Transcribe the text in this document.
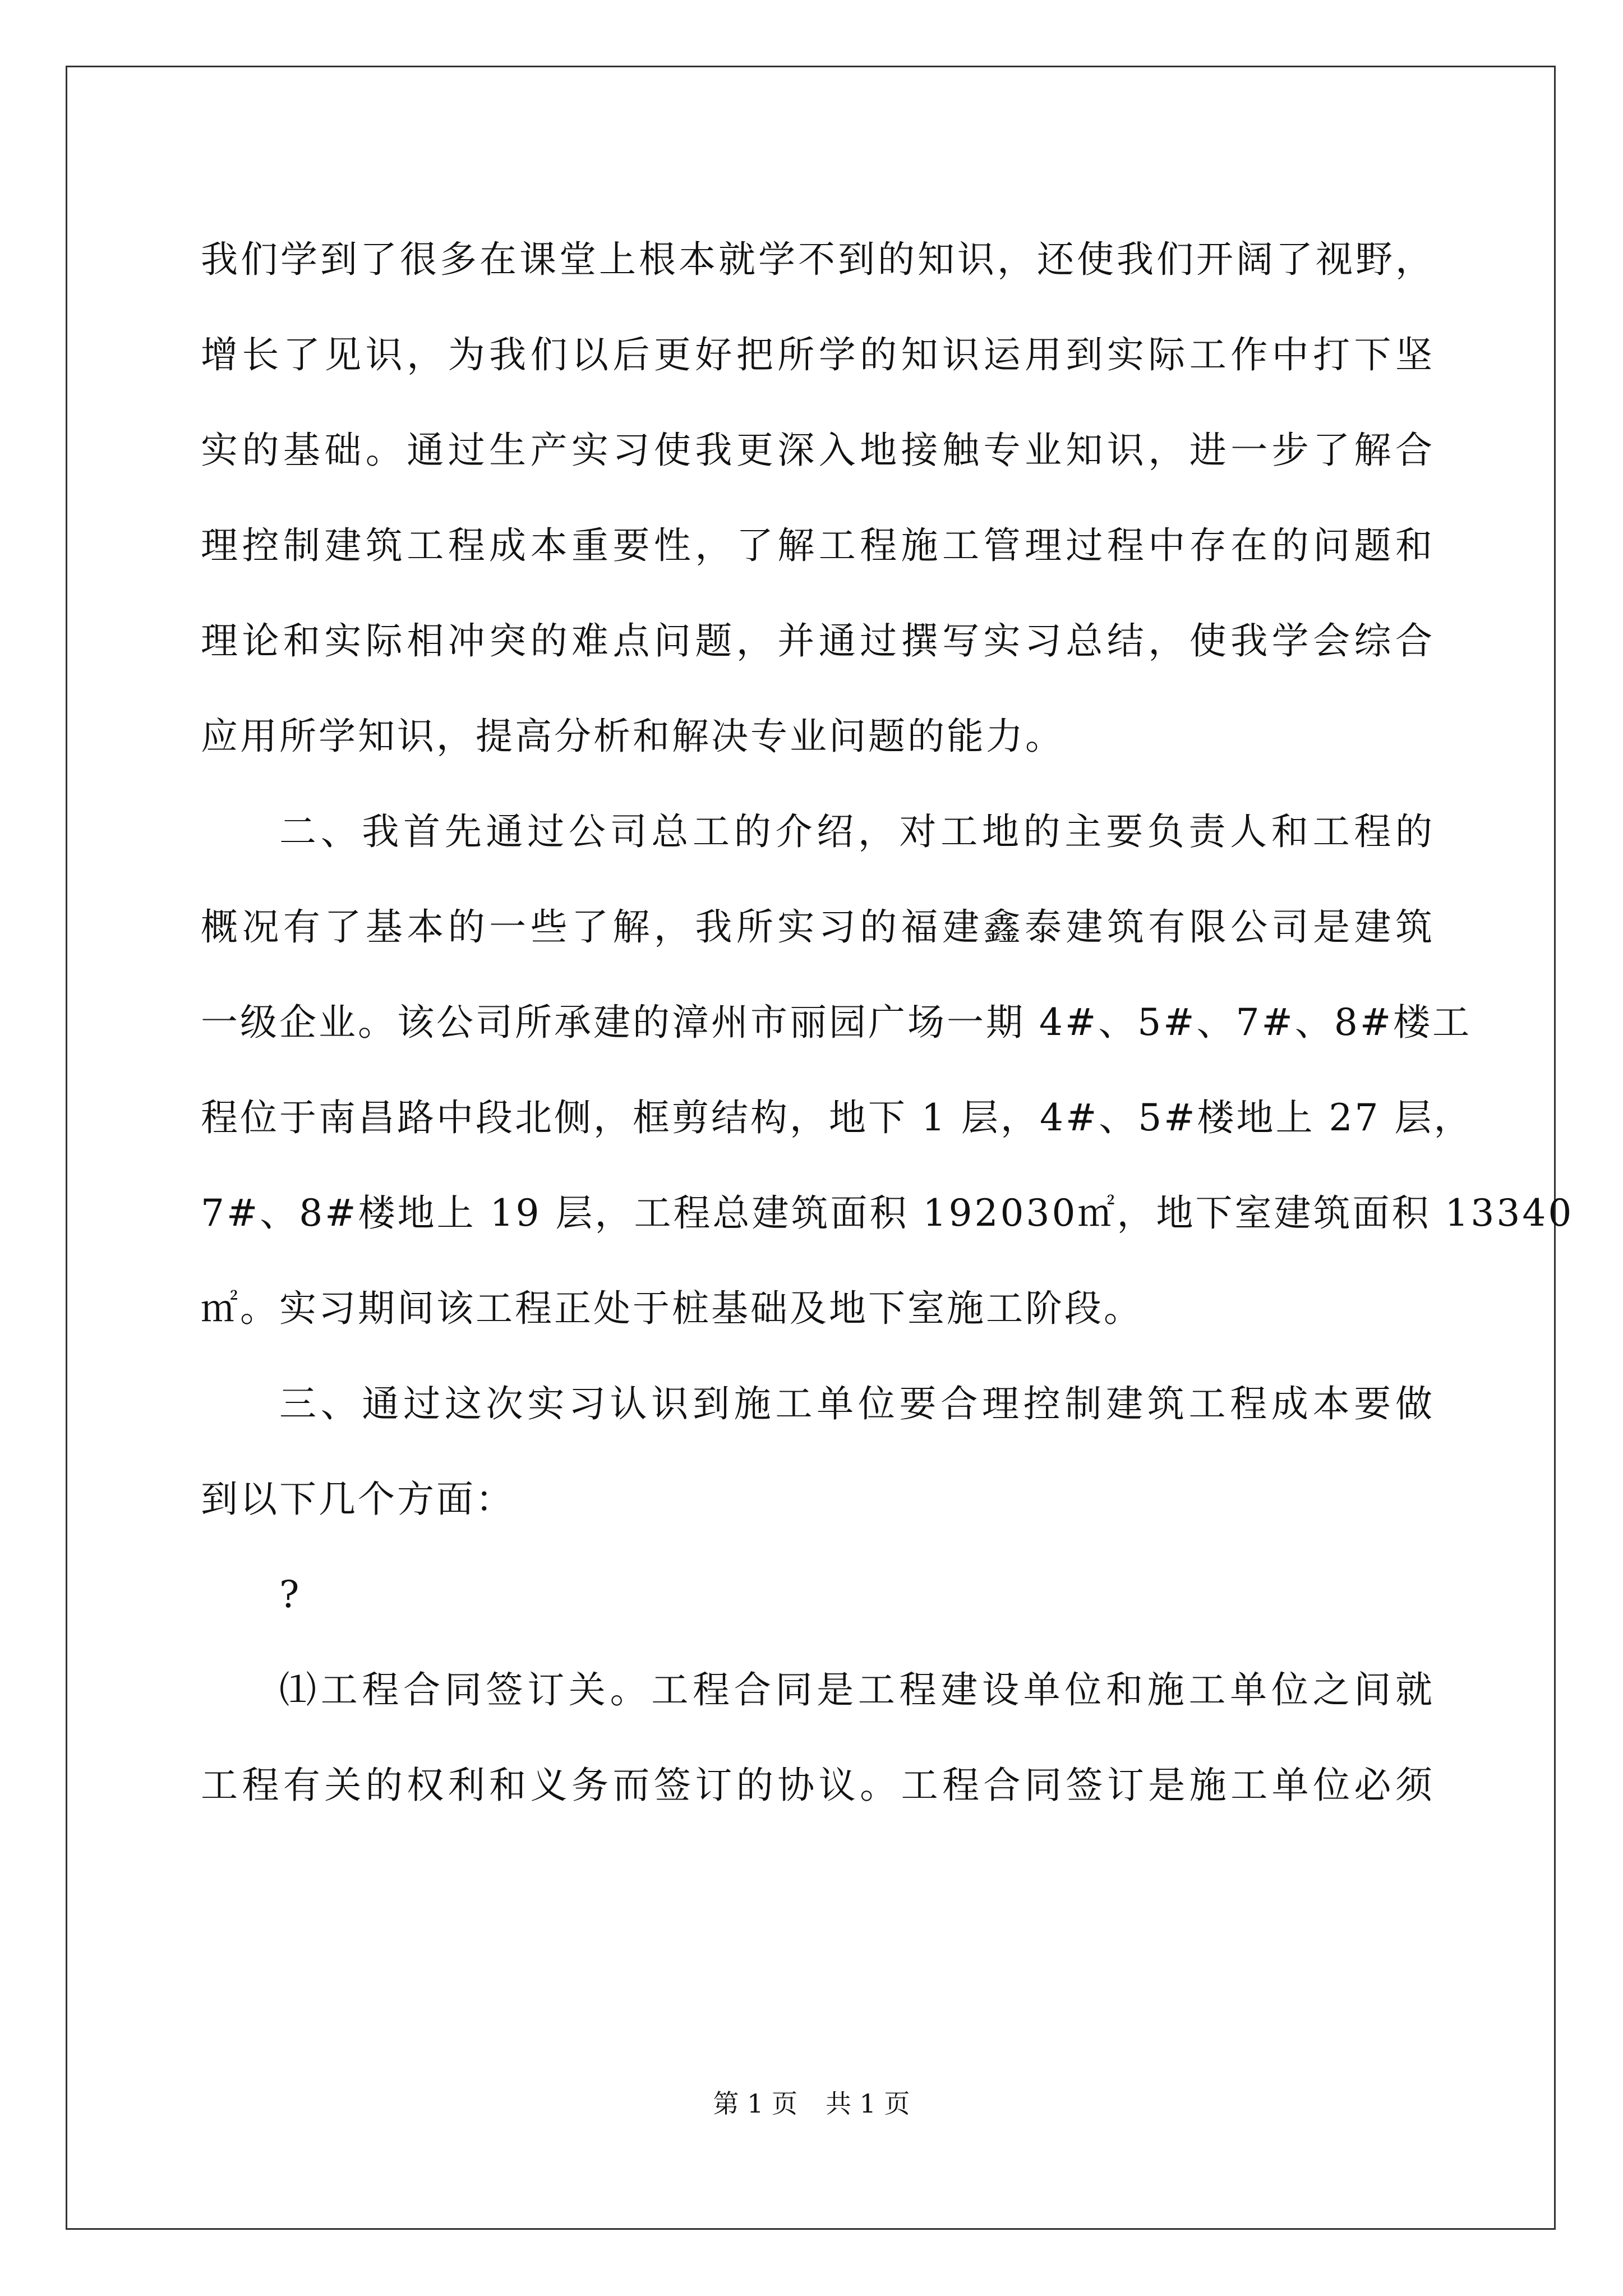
我们学到了很多在课堂上根本就学不到的知识，还使我们开阔了视野，
增长了见识，为我们以后更好把所学的知识运用到实际工作中打下坚
实的基础。通过生产实习使我更深入地接触专业知识，进一步了解合
理控制建筑工程成本重要性，了解工程施工管理过程中存在的问题和
理论和实际相冲突的难点问题，并通过撰写实习总结，使我学会综合
应用所学知识，提高分析和解决专业问题的能力。
二、我首先通过公司总工的介绍，对工地的主要负责人和工程的
概况有了基本的一些了解，我所实习的福建鑫泰建筑有限公司是建筑
一级企业。该公司所承建的漳州市丽园广场一期 4#、5#、7#、8#楼工
程位于南昌路中段北侧，框剪结构，地下 1 层，4#、5#楼地上 27 层，
7#、8#楼地上 19 层，工程总建筑面积 192030㎡，地下室建筑面积 13340
㎡。实习期间该工程正处于桩基础及地下室施工阶段。
三、通过这次实习认识到施工单位要合理控制建筑工程成本要做
到以下几个方面：
?
⑴工程合同签订关。工程合同是工程建设单位和施工单位之间就
工程有关的权利和义务而签订的协议。工程合同签订是施工单位必须
第 1 页 共 1 页
